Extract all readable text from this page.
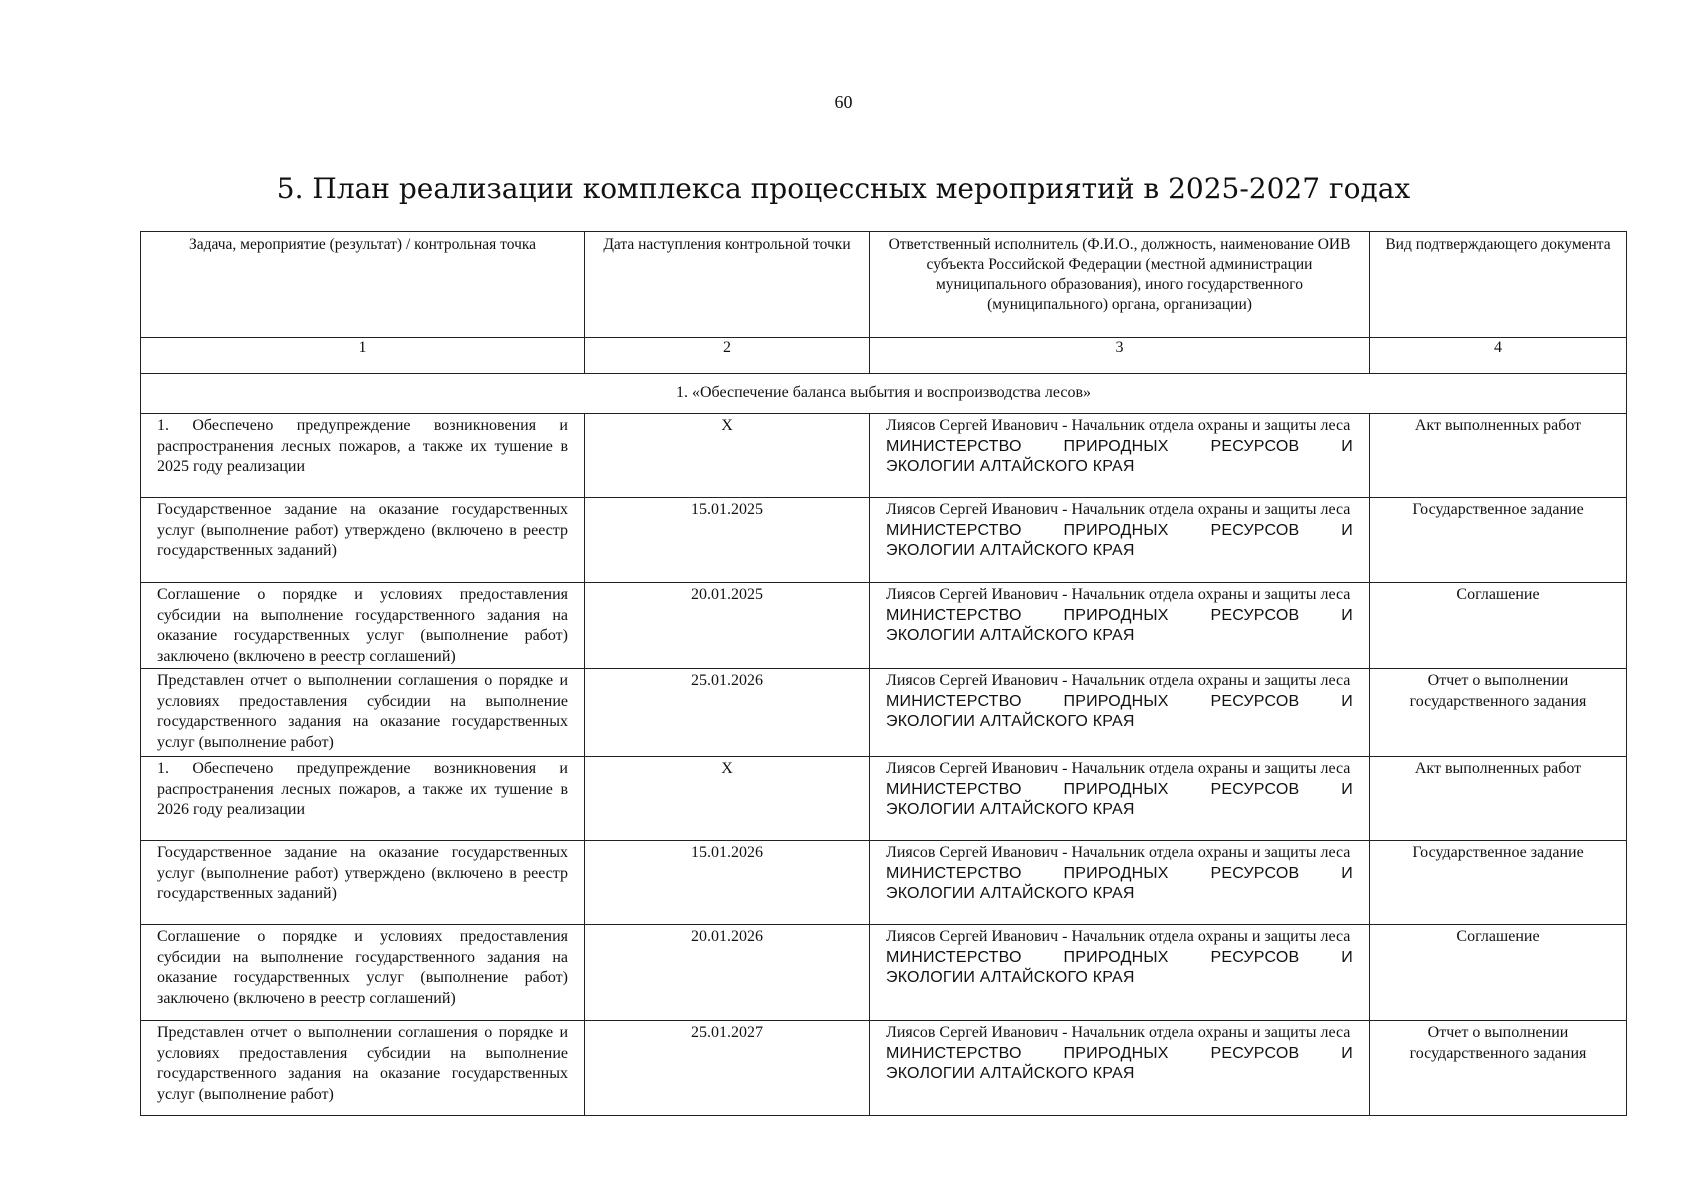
60
5. План реализации комплекса процессных мероприятий в 2025-2027 годах
Задача, мероприятие (результат) / контрольная точка	Дата наступления контрольной точки	Ответственный исполнитель (Ф.И.О., должность, наименование ОИВ субъекта Российской Федерации (местной администрации муниципального образования), иного государственного (муниципального) органа, организации)	Вид подтверждающего документа
1	2	3	4
1. «Обеспечение баланса выбытия и воспроизводства лесов»			
1. Обеспечено предупреждение возникновения и распространения лесных пожаров, а также их тушение в 2025 году реализации	X	Лиясов Сергей Иванович - Начальник отдела охраны и защиты леса
МИНИСТЕРСТВО ПРИРОДНЫХ РЕСУРСОВ И
ЭКОЛОГИИ АЛТАЙСКОГО КРАЯ	Акт выполненных работ
Государственное задание на оказание государственных услуг (выполнение работ) утверждено (включено в реестр государственных заданий)	15.01.2025	Лиясов Сергей Иванович - Начальник отдела охраны и защиты леса
МИНИСТЕРСТВО ПРИРОДНЫХ РЕСУРСОВ И
ЭКОЛОГИИ АЛТАЙСКОГО КРАЯ	Государственное задание
Соглашение о порядке и условиях предоставления субсидии на выполнение государственного задания на оказание государственных услуг (выполнение работ) заключено (включено в реестр соглашений)	20.01.2025	Лиясов Сергей Иванович - Начальник отдела охраны и защиты леса
МИНИСТЕРСТВО ПРИРОДНЫХ РЕСУРСОВ И
ЭКОЛОГИИ АЛТАЙСКОГО КРАЯ	Соглашение
Представлен отчет о выполнении соглашения о порядке и условиях предоставления субсидии на выполнение государственного задания на оказание государственных услуг (выполнение работ)	25.01.2026	Лиясов Сергей Иванович - Начальник отдела охраны и защиты леса
МИНИСТЕРСТВО ПРИРОДНЫХ РЕСУРСОВ И
ЭКОЛОГИИ АЛТАЙСКОГО КРАЯ	Отчет о выполнении государственного задания
1. Обеспечено предупреждение возникновения и распространения лесных пожаров, а также их тушение в 2026 году реализации	X	Лиясов Сергей Иванович - Начальник отдела охраны и защиты леса
МИНИСТЕРСТВО ПРИРОДНЫХ РЕСУРСОВ И
ЭКОЛОГИИ АЛТАЙСКОГО КРАЯ	Акт выполненных работ
Государственное задание на оказание государственных услуг (выполнение работ) утверждено (включено в реестр государственных заданий)	15.01.2026	Лиясов Сергей Иванович - Начальник отдела охраны и защиты леса
МИНИСТЕРСТВО ПРИРОДНЫХ РЕСУРСОВ И
ЭКОЛОГИИ АЛТАЙСКОГО КРАЯ	Государственное задание
Соглашение о порядке и условиях предоставления субсидии на выполнение государственного задания на оказание государственных услуг (выполнение работ) заключено (включено в реестр соглашений)	20.01.2026	Лиясов Сергей Иванович - Начальник отдела охраны и защиты леса
МИНИСТЕРСТВО ПРИРОДНЫХ РЕСУРСОВ И
ЭКОЛОГИИ АЛТАЙСКОГО КРАЯ	Соглашение
Представлен отчет о выполнении соглашения о порядке и условиях предоставления субсидии на выполнение государственного задания на оказание государственных услуг (выполнение работ)	25.01.2027	Лиясов Сергей Иванович - Начальник отдела охраны и защиты леса
МИНИСТЕРСТВО ПРИРОДНЫХ РЕСУРСОВ И
ЭКОЛОГИИ АЛТАЙСКОГО КРАЯ	Отчет о выполнении государственного задания
